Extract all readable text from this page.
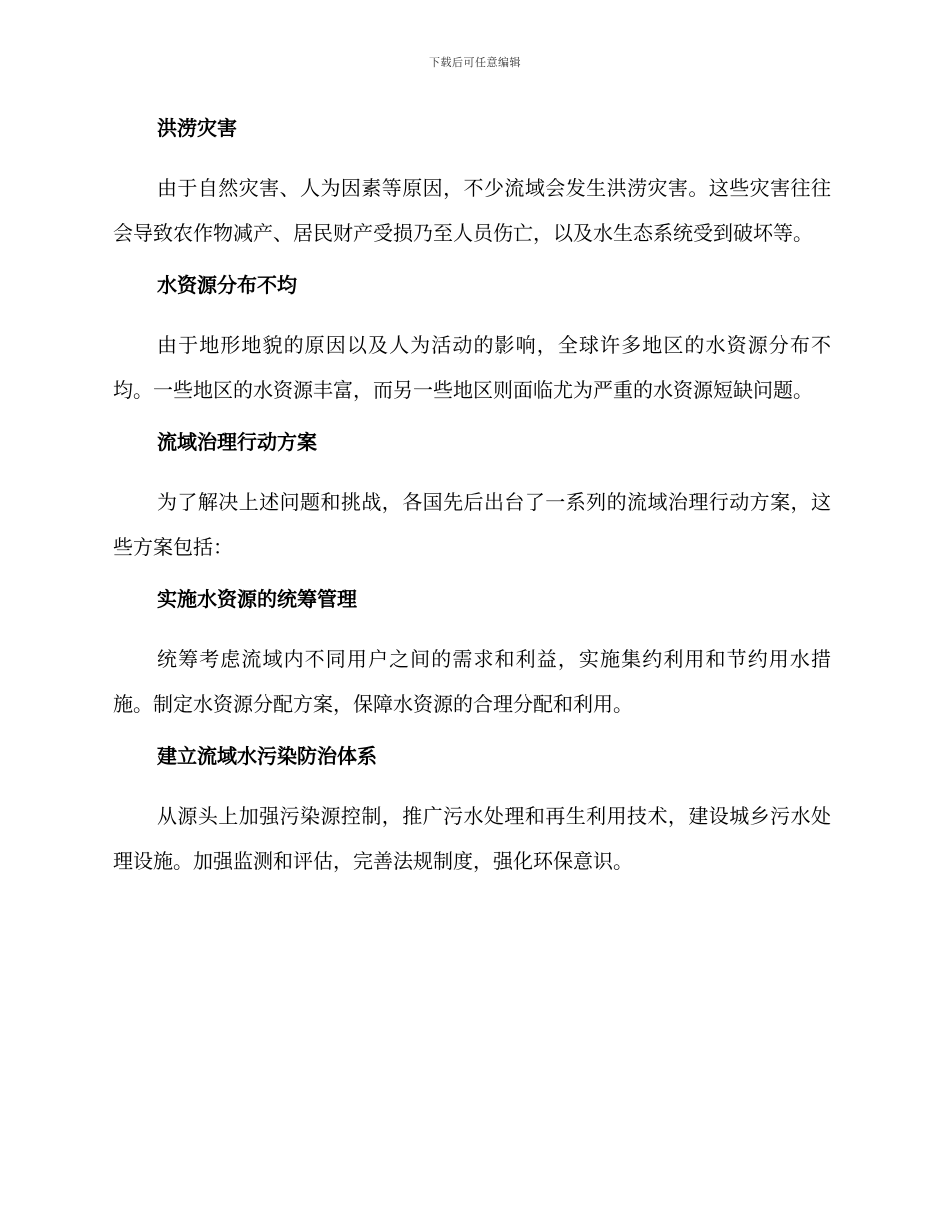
下载后可任意编辑
洪涝灾害
由于自然灾害、人为因素等原因，不少流域会发生洪涝灾害。这些灾害往往会导致农作物减产、居民财产受损乃至人员伤亡，以及水生态系统受到破坏等。
水资源分布不均
由于地形地貌的原因以及人为活动的影响，全球许多地区的水资源分布不均。一些地区的水资源丰富，而另一些地区则面临尤为严重的水资源短缺问题。
流域治理行动方案
为了解决上述问题和挑战，各国先后出台了一系列的流域治理行动方案，这些方案包括：
实施水资源的统筹管理
统筹考虑流域内不同用户之间的需求和利益，实施集约利用和节约用水措施。制定水资源分配方案，保障水资源的合理分配和利用。
建立流域水污染防治体系
从源头上加强污染源控制，推广污水处理和再生利用技术，建设城乡污水处理设施。加强监测和评估，完善法规制度，强化环保意识。
